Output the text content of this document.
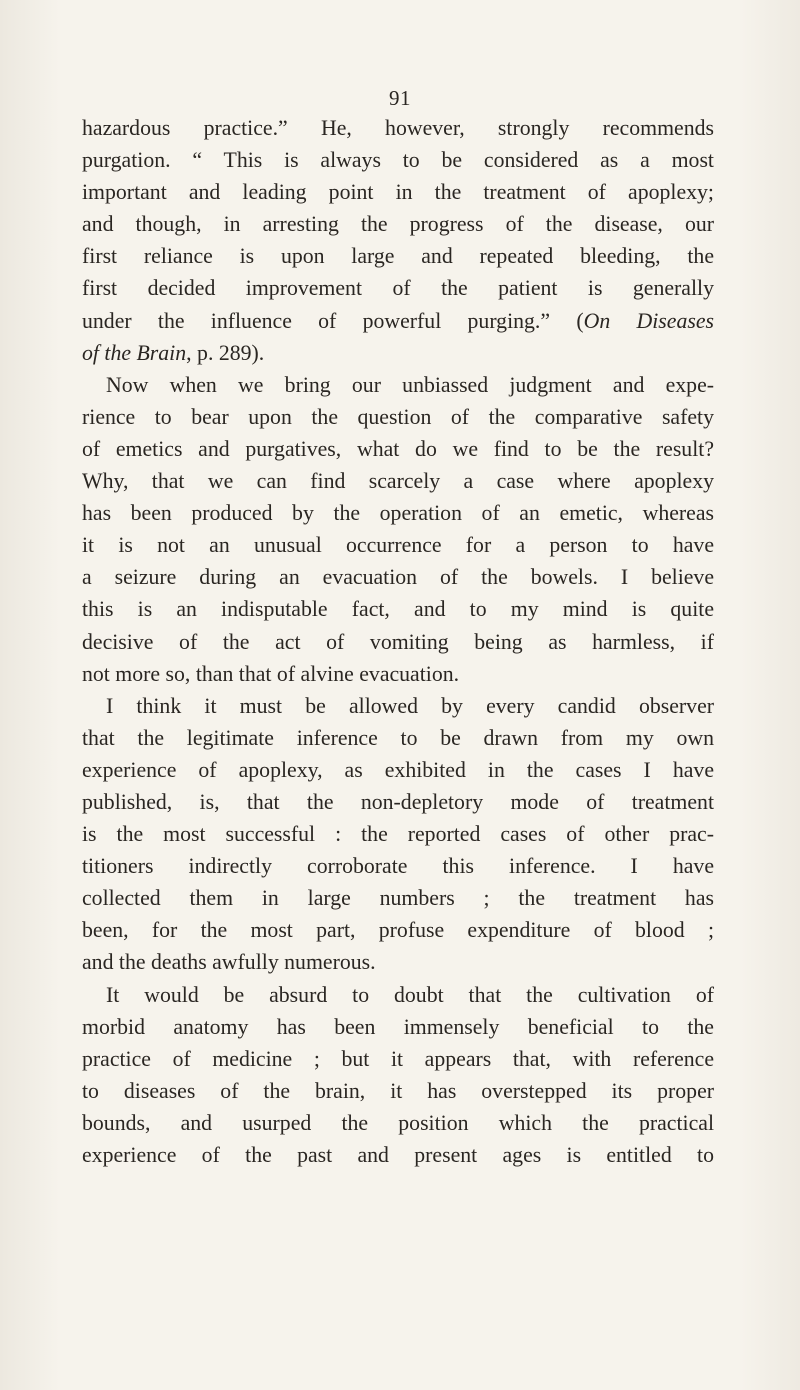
91
hazardous practice.” He, however, strongly recommends
purgation. “ This is always to be considered as a most
important and leading point in the treatment of apoplexy;
and though, in arresting the progress of the disease, our
first reliance is upon large and repeated bleeding, the
first decided improvement of the patient is generally
under the influence of powerful purging.” (On Diseases
of the Brain, p. 289).
Now when we bring our unbiassed judgment and expe-
rience to bear upon the question of the comparative safety
of emetics and purgatives, what do we find to be the result?
Why, that we can find scarcely a case where apoplexy
has been produced by the operation of an emetic, whereas
it is not an unusual occurrence for a person to have
a seizure during an evacuation of the bowels. I believe
this is an indisputable fact, and to my mind is quite
decisive of the act of vomiting being as harmless, if
not more so, than that of alvine evacuation.
I think it must be allowed by every candid observer
that the legitimate inference to be drawn from my own
experience of apoplexy, as exhibited in the cases I have
published, is, that the non-depletory mode of treatment
is the most successful : the reported cases of other prac-
titioners indirectly corroborate this inference. I have
collected them in large numbers ; the treatment has
been, for the most part, profuse expenditure of blood ;
and the deaths awfully numerous.
It would be absurd to doubt that the cultivation of
morbid anatomy has been immensely beneficial to the
practice of medicine ; but it appears that, with reference
to diseases of the brain, it has overstepped its proper
bounds, and usurped the position which the practical
experience of the past and present ages is entitled to
